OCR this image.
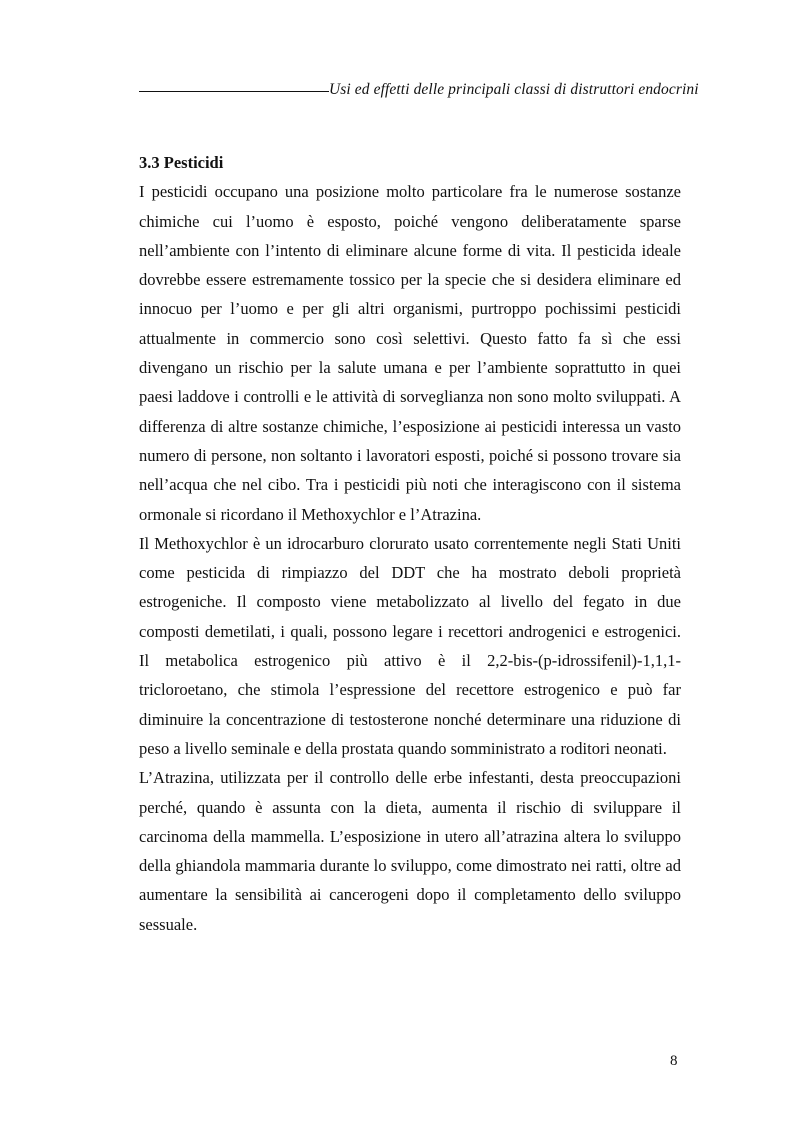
Usi ed effetti delle principali classi di distruttori endocrini
3.3 Pesticidi

I pesticidi occupano una posizione molto particolare fra le numerose sostanze chimiche cui l’uomo è esposto, poiché vengono deliberatamente sparse nell’ambiente con l’intento di eliminare alcune forme di vita. Il pesticida ideale dovrebbe essere estremamente tossico per la specie che si desidera eliminare ed innocuo per l’uomo e per gli altri organismi, purtroppo pochissimi pesticidi attualmente in commercio sono così selettivi. Questo fatto fa sì che essi divengano un rischio per la salute umana e per l’ambiente soprattutto in quei paesi laddove i controlli e le attività di sorveglianza non sono molto sviluppati. A differenza di altre sostanze chimiche, l’esposizione ai pesticidi interessa un vasto numero di persone, non soltanto i lavoratori esposti, poiché si possono trovare sia nell’acqua che nel cibo. Tra i pesticidi più noti che interagiscono con il sistema ormonale si ricordano il Methoxychlor e l’Atrazina.

Il Methoxychlor è un idrocarburo clorurato usato correntemente negli Stati Uniti come pesticida di rimpiazzo del DDT che ha mostrato deboli proprietà estrogeniche. Il composto viene metabolizzato al livello del fegato in due composti demetilati, i quali, possono legare i recettori androgenici e estrogenici. Il metabolica estrogenico più attivo è il 2,2-bis-(p-idrossifenil)-1,1,1-tricloroetano, che stimola l’espressione del recettore estrogenico e può far diminuire la concentrazione di testosterone nonché determinare una riduzione di peso a livello seminale e della prostata quando somministrato a roditori neonati.

L’Atrazina, utilizzata per il controllo delle erbe infestanti, desta preoccupazioni perché, quando è assunta con la dieta, aumenta il rischio di sviluppare il carcinoma della mammella. L’esposizione in utero all’atrazina altera lo sviluppo della ghiandola mammaria durante lo sviluppo, come dimostrato nei ratti, oltre ad aumentare la sensibilità ai cancerogeni dopo il completamento dello sviluppo sessuale.

8
